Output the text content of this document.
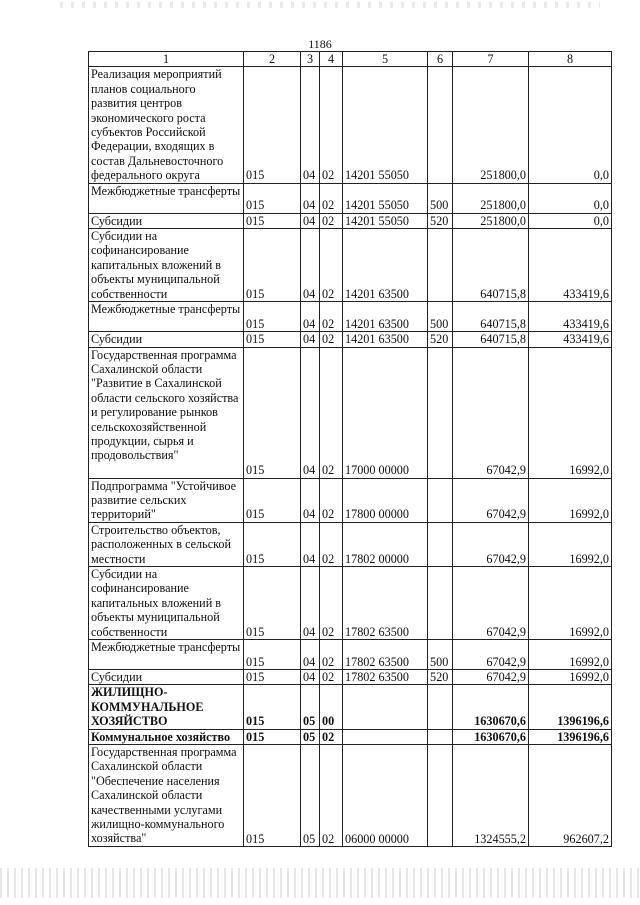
1186
1	2	3	4	5	6	7	8
Реализация мероприятий планов социального развития центров экономического роста субъектов Российской Федерации, входящих в состав Дальневосточного федерального округа	015	04	02	14201 55050		251800,0	0,0
Межбюджетные трансферты	015	04	02	14201 55050	500	251800,0	0,0
Субсидии	015	04	02	14201 55050	520	251800,0	0,0
Субсидии на софинансирование капитальных вложений в объекты муниципальной собственности	015	04	02	14201 63500		640715,8	433419,6
Межбюджетные трансферты	015	04	02	14201 63500	500	640715,8	433419,6
Субсидии	015	04	02	14201 63500	520	640715,8	433419,6
Государственная программа Сахалинской области "Развитие в Сахалинской области сельского хозяйства и регулирование рынков сельскохозяйственной продукции, сырья и продовольствия"	015	04	02	17000 00000		67042,9	16992,0
Подпрограмма "Устойчивое развитие сельских территорий"	015	04	02	17800 00000		67042,9	16992,0
Строительство объектов, расположенных в сельской местности	015	04	02	17802 00000		67042,9	16992,0
Субсидии на софинансирование капитальных вложений в объекты муниципальной собственности	015	04	02	17802 63500		67042,9	16992,0
Межбюджетные трансферты	015	04	02	17802 63500	500	67042,9	16992,0
Субсидии	015	04	02	17802 63500	520	67042,9	16992,0
ЖИЛИЩНО-КОММУНАЛЬНОЕ ХОЗЯЙСТВО	015	05	00			1630670,6	1396196,6
Коммунальное хозяйство	015	05	02			1630670,6	1396196,6
Государственная программа Сахалинской области "Обеспечение населения Сахалинской области качественными услугами жилищно-коммунального хозяйства"	015	05	02	06000 00000		1324555,2	962607,2
